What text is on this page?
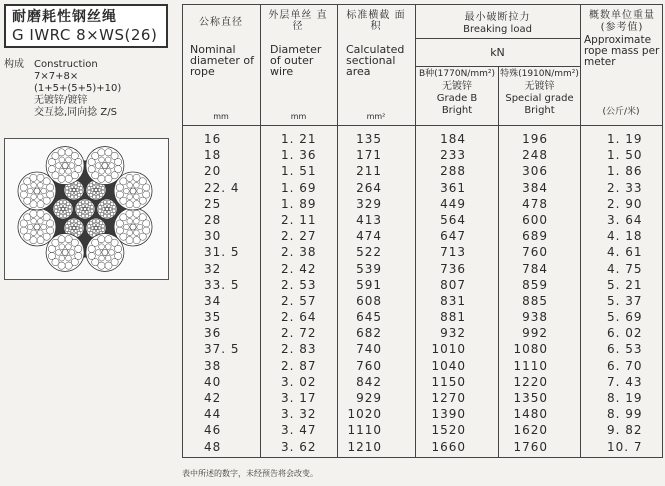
耐磨耗性钢丝绳
G IWRC 8×WS(26)
构成	Construction
7×7+8×
(1+5+(5+5)+10)
无镀锌/镀锌
交互捻,同向捻 Z/S
公称直径
Nominal diameter of rope
mm
外层单丝 直 径
Diameter of outer wire
mm
标准横截 面 积
Calculated sectional area
mm²
最小破断拉力
Breaking load
kN
B种(1770N/mm²)
无镀锌
Grade B
Bright
特殊(1910N/mm²)
无镀锌
Special grade
Bright
概数单位重量
(参考值)
Approximate rope mass per meter
(公斤/米)
16
18
20
22. 4
25
28
30
31. 5
32
33. 5
34
35
36
37. 5
38
40
42
44
46
48
1. 21
1. 36
1. 51
1. 69
1. 89
2. 11
2. 27
2. 38
2. 42
2. 53
2. 57
2. 64
2. 72
2. 83
2. 87
3. 02
3. 17
3. 32
3. 47
3. 62
135
171
211
264
329
413
474
522
539
591
608
645
682
740
760
842
929
1020
1110
1210
184
233
288
361
449
564
647
713
736
807
831
881
932
1010
1040
1150
1270
1390
1520
1660
196
248
306
384
478
600
689
760
784
859
885
938
992
1080
1110
1220
1350
1480
1620
1760
1. 19
1. 50
1. 86
2. 33
2. 90
3. 64
4. 18
4. 61
4. 75
5. 21
5. 37
5. 69
6. 02
6. 53
6. 70
7. 43
8. 19
8. 99
9. 82
10. 7
表中所述的数字，未经预告将会改变。
